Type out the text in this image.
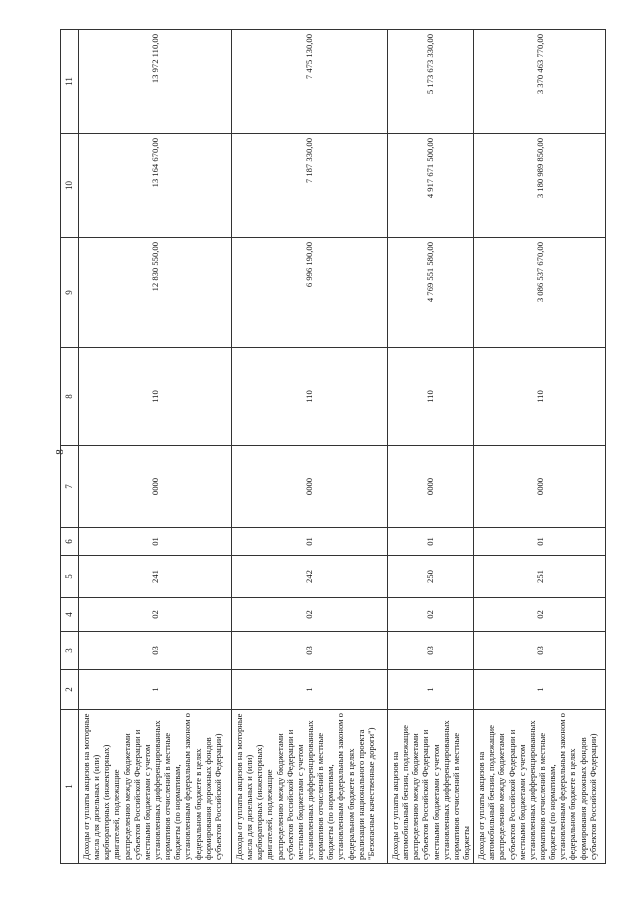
8
1	2	3	4	5	6	7	8	9	10	11
Доходы от уплаты акцизов на моторные масла для дизельных и (или) карбюраторных (инжекторных) двигателей, подлежащие распределению между бюджетами субъектов Российской Федерации и местными бюджетами с учетом установленных дифференцированных нормативов отчислений в местные бюджеты (по нормативам, установленным федеральным законом о федеральном бюджете в целях формирования дорожных фондов субъектов Российской Федерации)	1	03	02	241	01	0000	110	12 830 550,00	13 164 670,00	13 972 110,00
Доходы от уплаты акцизов на моторные масла для дизельных и (или) карбюраторных (инжекторных) двигателей, подлежащие распределению между бюджетами субъектов Российской Федерации и местными бюджетами с учетом установленных дифференцированных нормативов отчислений в местные бюджеты (по нормативам, установленным федеральным законом о федеральном бюджете в целях реализации национального проекта "Безопасные качественные дороги")	1	03	02	242	01	0000	110	6 996 190,00	7 187 330,00	7 475 130,00
Доходы от уплаты акцизов на автомобильный бензин, подлежащие распределению между бюджетами субъектов Российской Федерации и местными бюджетами с учетом установленных дифференцированных нормативов отчислений в местные бюджеты	1	03	02	250	01	0000	110	4 769 551 580,00	4 917 671 500,00	5 173 673 330,00
Доходы от уплаты акцизов на автомобильный бензин, подлежащие распределению между бюджетами субъектов Российской Федерации и местными бюджетами с учетом установленных дифференцированных нормативов отчислений в местные бюджеты (по нормативам, установленным федеральным законом о федеральном бюджете в целях формирования дорожных фондов субъектов Российской Федерации)	1	03	02	251	01	0000	110	3 086 537 670,00	3 180 989 850,00	3 370 463 770,00
